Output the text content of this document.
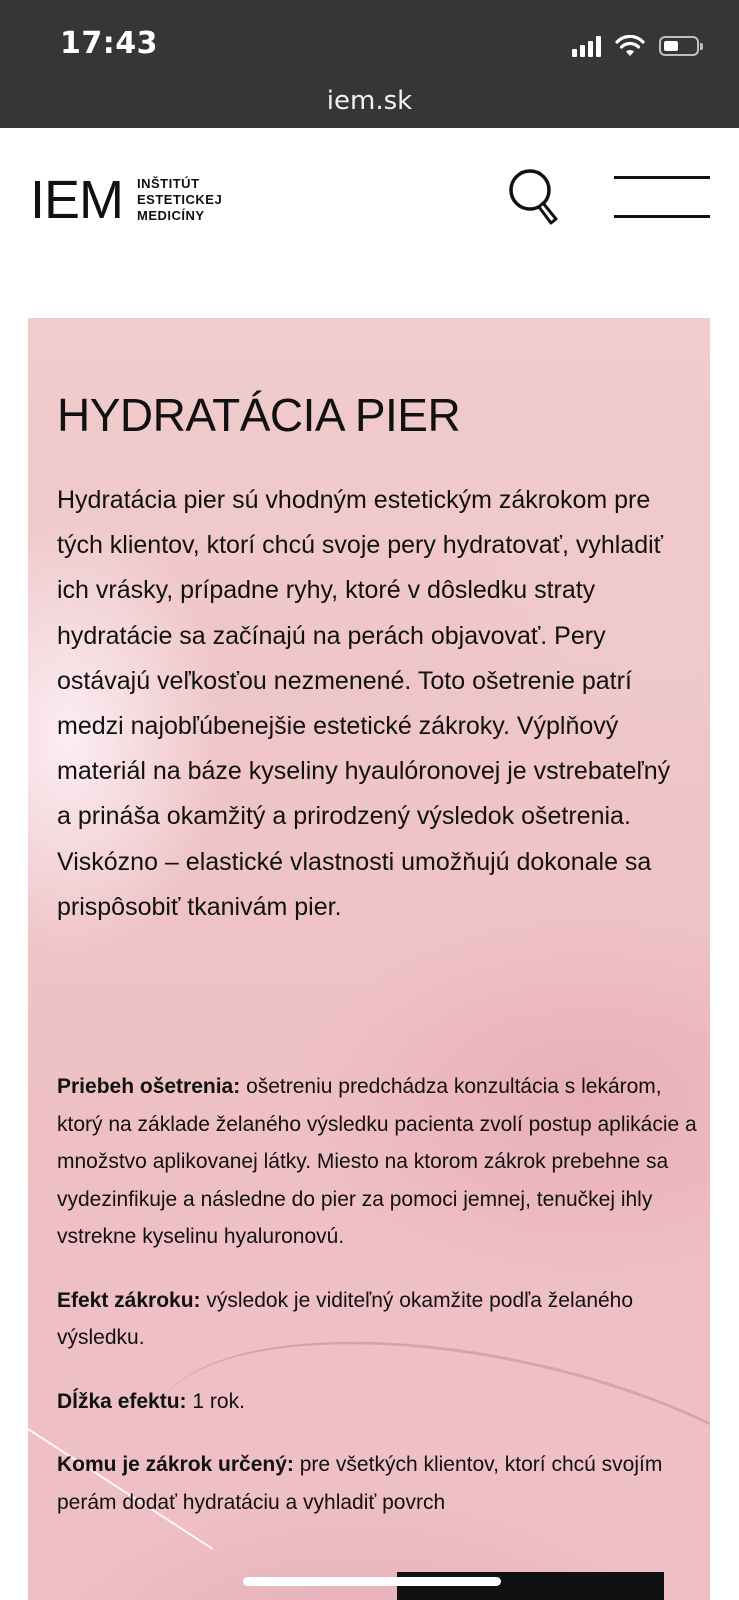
17:43
iem.sk
IEM INŠTITÚT
ESTETICKEJ
MEDICÍNY
HYDRATÁCIA PIER

Hydratácia pier sú vhodným estetickým zákrokom pre tých klientov, ktorí chcú svoje pery hydratovať, vyhladiť ich vrásky, prípadne ryhy, ktoré v dôsledku straty hydratácie sa začínajú na perách objavovať. Pery ostávajú veľkosťou nezmenené. Toto ošetrenie patrí medzi najobľúbenejšie estetické zákroky. Výplňový materiál na báze kyseliny hyaulóronovej je vstrebateľný a prináša okamžitý a prirodzený výsledok ošetrenia. Viskózno – elastické vlastnosti umožňujú dokonale sa prispôsobiť tkanivám pier.

Priebeh ošetrenia: ošetreniu predchádza konzultácia s lekárom, ktorý na základe želaného výsledku pacienta zvolí postup aplikácie a množstvo aplikovanej látky. Miesto na ktorom zákrok prebehne sa vydezinfikuje a následne do pier za pomoci jemnej, tenučkej ihly vstrekne kyselinu hyaluronovú.

Efekt zákroku: výsledok je viditeľný okamžite podľa želaného výsledku.

Dĺžka efektu: 1 rok.

Komu je zákrok určený: pre všetkých klientov, ktorí chcú svojím perám dodať hydratáciu a vyhladiť povrch
